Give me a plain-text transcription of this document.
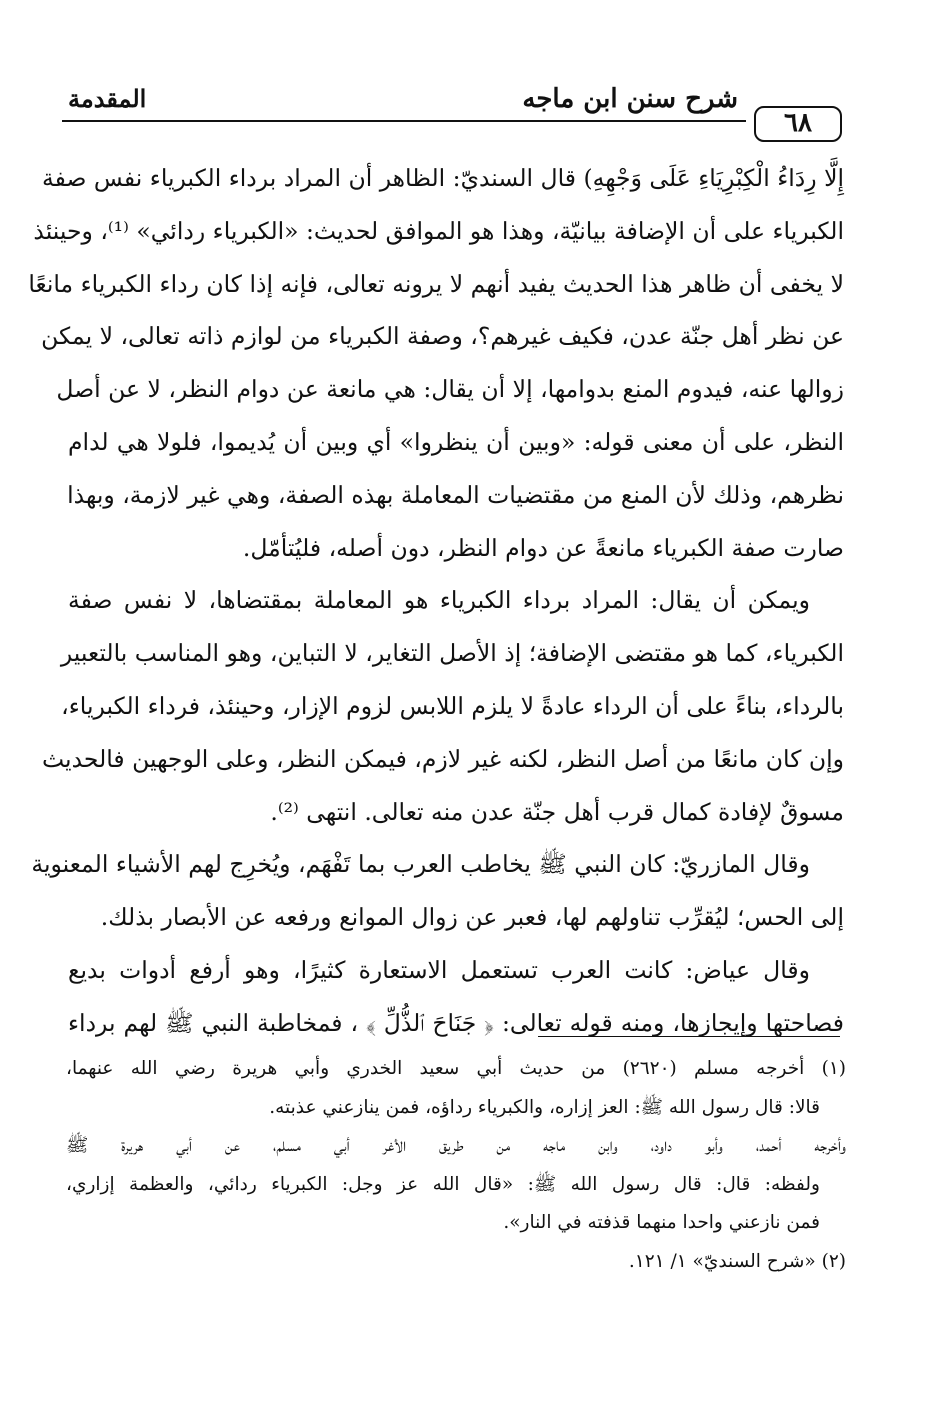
المقدمة	شرح سنن ابن ماجه
٦٨
إِلَّا رِدَاءُ الْكِبْرِيَاءِ عَلَى وَجْهِهِ) قال السنديّ: الظاهر أن المراد برداء الكبرياء نفس صفة
الكبرياء على أن الإضافة بيانيّة، وهذا هو الموافق لحديث: «الكبرياء ردائي» ⁽¹⁾، وحينئذ
لا يخفى أن ظاهر هذا الحديث يفيد أنهم لا يرونه تعالى، فإنه إذا كان رداء الكبرياء مانعًا
عن نظر أهل جنّة عدن، فكيف غيرهم؟، وصفة الكبرياء من لوازم ذاته تعالى، لا يمكن
زوالها عنه، فيدوم المنع بدوامها، إلا أن يقال: هي مانعة عن دوام النظر، لا عن أصل
النظر، على أن معنى قوله: «وبين أن ينظروا» أي وبين أن يُديموا، فلولا هي لدام
نظرهم، وذلك لأن المنع من مقتضيات المعاملة بهذه الصفة، وهي غير لازمة، وبهذا
صارت صفة الكبرياء مانعةً عن دوام النظر، دون أصله، فليُتأمّل.
ويمكن أن يقال: المراد برداء الكبرياء هو المعاملة بمقتضاها، لا نفس صفة
الكبرياء، كما هو مقتضى الإضافة؛ إذ الأصل التغاير، لا التباين، وهو المناسب بالتعبير
بالرداء، بناءً على أن الرداء عادةً لا يلزم اللابس لزوم الإزار، وحينئذ، فرداء الكبرياء،
وإن كان مانعًا من أصل النظر، لكنه غير لازم، فيمكن النظر، وعلى الوجهين فالحديث
مسوقٌ لإفادة كمال قرب أهل جنّة عدن منه تعالى. انتهى ⁽²⁾.
وقال المازريّ: كان النبي ﷺ يخاطب العرب بما تَفْهَم، ويُخرِج لهم الأشياء المعنوية
إلى الحس؛ ليُقرِّب تناولهم لها، فعبر عن زوال الموانع ورفعه عن الأبصار بذلك.
وقال عياض: كانت العرب تستعمل الاستعارة كثيرًا، وهو أرفع أدوات بديع
فصاحتها وإيجازها، ومنه قوله تعالى: ﴿ جَنَاحَ ٱلذُّلِّ ﴾ ، فمخاطبة النبي ﷺ لهم برداء
(١) أخرجه مسلم (٢٦٢٠) من حديث أبي سعيد الخدري وأبي هريرة رضي الله عنهما،
قالا: قال رسول الله ﷺ: العز إزاره، والكبرياء رداؤه، فمن ينازعني عذبته.
وأخرجه أحمد، وأبو داود، وابن ماجه من طريق الأغر أبي مسلم، عن أبي هريرة ﷺ
ولفظه: قال: قال رسول الله ﷺ: «قال الله عز وجل: الكبرياء ردائي، والعظمة إزاري،
فمن نازعني واحدا منهما قذفته في النار».
(٢) «شرح السنديّ» ١/ ١٢١.
